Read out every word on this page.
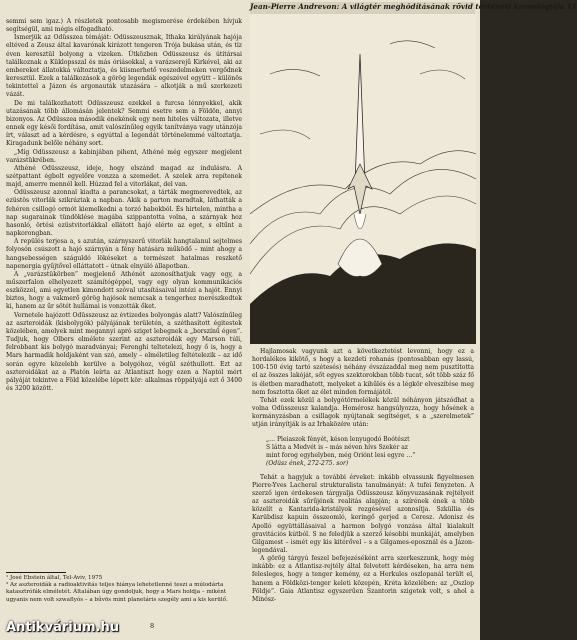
Jean-Pierre Andrevon: A világtér meghódításának rövid történeti kronológiája 11

semmi sem igaz.) A részletek pontosabb megismerése érdekében hívjuk segítségül, ami mégis elfogadható.

Ismerjük az Odüsszea témáját: Odüsszeusznak, Ithaka királyának hajója eltéved a Zeusz által kavarónak kirázott tengeren Trója bukása után, és tíz éven keresztül bolyong a vizeken. Útközben Odüsszeusz és útitársai találkoznak a Küklopsszal és más óriásokkal, a varázserejű Kirkével, aki az embereket állatokká változtatja, és kiismerhető veszedelmeken vergődnek keresztül. Ezek a találkozások a görög legendák egészével együtt – különös tekintettel a Jázon és argonauták utazására – alkotják a mű szerkezeti vázát.

De mi találkozhatott Odüsszeusz ezekkel a furcsa lénnyekkel, akik utazásának több állomásán jelentek? Semmi esetre sem a Földön, annyi bizonyos. Az Odüsszea második énekének egy nem hiteles változata, illetve ennek egy késői fordítása, amit valószínűleg egyik tanítványa vagy utánzója írt, választ ad a kérdésre, s egyúttal a legendát történelemmé változtatja. Kiragadunk belőle néhány sort.

„Míg Odüsszeusz a kabinjában pihent, Athéné még egyszer megjelent varázstükrében.

Athéné Odüsszeusz, ideje, hogy elszánd magad az indulásra. A szétpattant égbolt egyelőre vonzza a szemedet. A szelek arra repítenek majd, amerre mennél kell. Húzzad fel a vitorlákat, del van.

Odüsszeusz azonnal kiadta a parancsokat, a tárták megmerevedtek, az ezüstös vitorlák szikráztak a napban. Akik a parton maradtak, láthatták a fehéren csillogó ormót kiemelkedni a torzó habokból. És hirtelen, mintha a nap sugarainak tündöklése magába szippantotta volna, a szárnyak hoz hasonló, örtési ezüstvitorlákkal ellátott hajó elérte az eget, s eltűnt a napkorongban.

A repülés terjesa a, s azután, szárnyszerű vitorlák hangtalanul sejtelmes folyosón csúszott a hajó szárnyán a fény hatására működő – mint ahogy a hangsebességen száguldó lökéseket a természet hatalmas reszkető napenergia gyűjtővel elláttatott – útnak elnyúló állapotban.

A „varázstükörben” megjelenő Athénét azonosíthatjuk vagy egy, a műszerfalon elhelyezett számítógéppel, vagy egy olyan kommunikációs eszközzel, ami egyetlen kimondott szóval utasításaival intézi a hajót. Ennyi biztos, hogy a vakmerő görög hajósok nemcsak a tengerhez merészkedtek ki, hanem az űr sötét hullámai is vonzották őket.

Vernetele hajózott Odüsszeusz az évtizedes bolyongás alatt? Valószínűleg az aszteroidák (kisbolygók) pályájának területén, a széthasított égitestek közelében, amelyek mint megannyi apró sziget lebegnek a „borszínű égen”. Tudjuk, hogy Olbers elmélete szerint az aszteroidák egy Marson túli, felrobbant kis bolygó maradványai; Ferenghi teltetelezi, hogy ő is, hogy a Mars harmadik holdjaként van szó, amely – elméletileg feltételezik – az idő során egyre közelebb kerülve a bolygóhoz, végül széthullott. Ezt az aszteroidákat az a Platón leírta az Atlantiszt hogy ezen a Naptól mért pályáját tekintve a Föld közelébe lépett kör: alkalmas röppályájá ezt ő 3400 és 3200 között.

Hajlamosak vagyunk azt a következtetést levonni, hogy ez a hordalékos kikötő, s hogy a kezdeti rohanás (pontosabban egy lassú, 100-150 évig tartó szétesés) néhány évszázaddal meg nem pusztította el az összes lakóját, sőt egyes szektorokban több tucat, sőt több száz fő is életben maradhatott, melyeket a kihűlés és a légkör elveszítése meg nem fosztotta őket az élet minden formájától.

Tehát ezek közül a bolygótörmelékek közül néhányon játszódhat a volna Odüsszeusz kalandja. Homérosz hangsúlyozza, hogy hősének a kormányzásban a csillagok nyújtanak segítséget, s a „szerelmetek” utján irányítják is az Irhaközére után:

„… Pleiaszok fényét, késon lenyugodó Boótészt

S látta a Medvét is – más néven hívs Szekér az

mint forog egyhelyben, még Oriónt lesi egyre …”

(Odüsz ének, 272-275. sor)

Tehát a hagyjuk a további érveket: inkább olvassunk figyelmesen Pierre-Yves Lacheral strukturalista tanulmányát: A tufei fenyzeten. A szerző igen érdekesen tárgyalja Odüsszeusz könyvuzasának rejtélyeit az aszteroidák sűrűjének realitás alapján; a szírének ének a több közelít a Kantarida-kristályok rezgésével azonosítja. Szküllia és Karübdisz kapuin összeomló, keringő gerjed a Ceresz. Adonisz és Apolló együttállásaival a harmon bolygó vonzása által kialakult gravitációs kútból. S ne feledjük a szerző késobbi munkáját, amelyben Gilgamest – ismét egy kis kitérővel – s a Gilgames-eposznál és a Jázon-legendával.

A görög tárgyú feszel befejezéséként arra szerkeszzunk, hogy még inkább: ez a Atlantisz-rejtély által felvetett kérdéseken, ha arra nem felesleges, hogy a tenger kemény, ez a Herkules oszlopanál terült el, hanem a Földközi-tenger keleti közepén, Kréta közelében: az „Oszlop Földje”. Gaia Atlantisz egyszerűen Szantorin szigetek volt, s ahol a Minósz-

¹ José Ebstein által, Tel-Aviv, 1975

² Az aszteroidák a radioaktivitás teljes hiánya lehetetlenné teszi a múlodárta katasztrófák elméletét. Általában úgy gondoljuk, hogy a Mars holdja – miként ugyanis nem volt szwaflyós – a bűvös mint planetáris szegély ami a kis kerülő.

8
Antikvárium.hu
